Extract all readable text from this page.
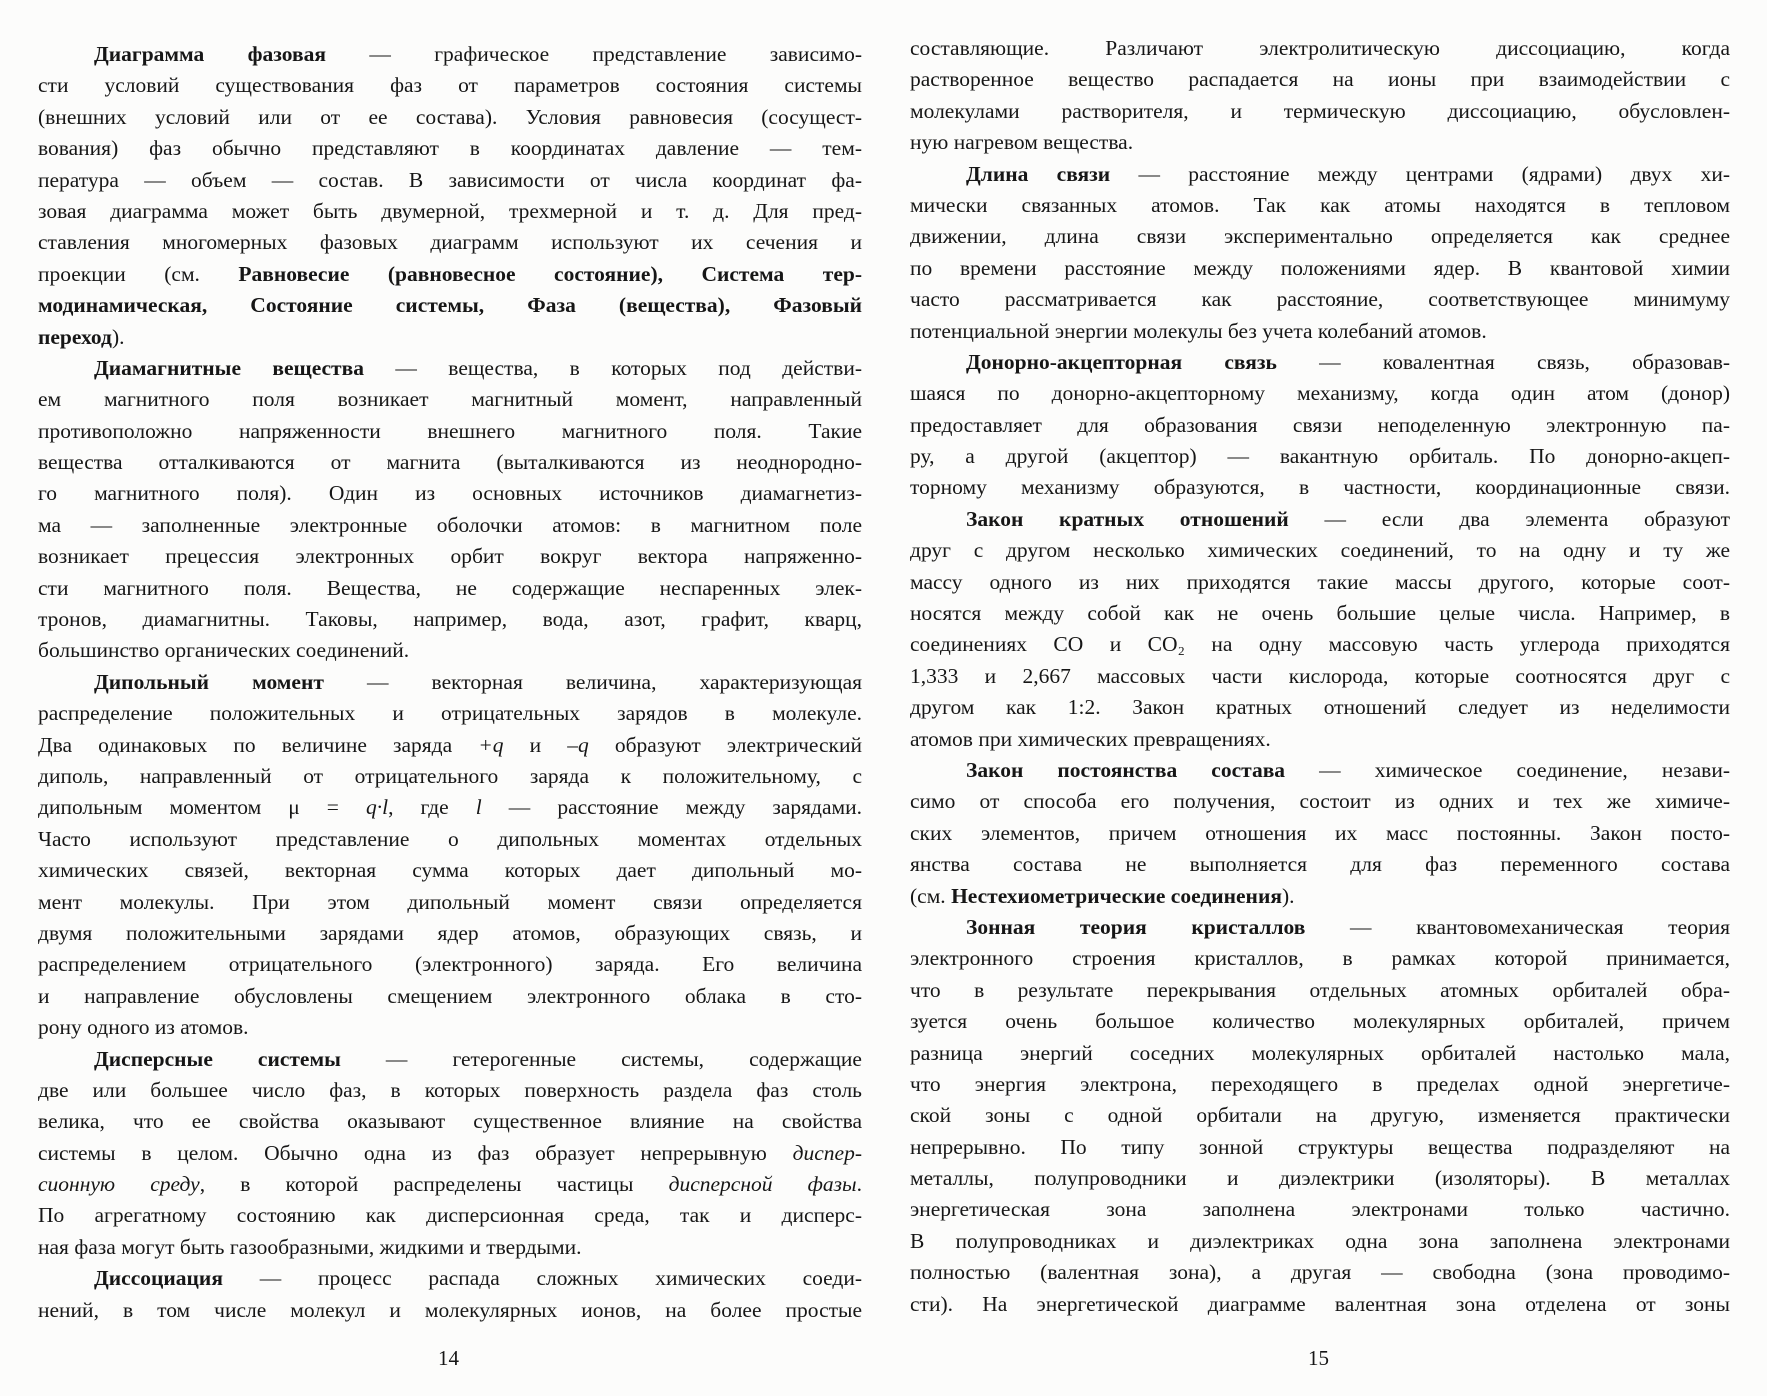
Диаграмма фазовая — графическое представление зависимо-
сти условий существования фаз от параметров состояния системы
(внешних условий или от ее состава). Условия равновесия (сосущест-
вования) фаз обычно представляют в координатах давление — тем-
пература — объем — состав. В зависимости от числа координат фа-
зовая диаграмма может быть двумерной, трехмерной и т. д. Для пред-
ставления многомерных фазовых диаграмм используют их сечения и
проекции (см. Равновесие (равновесное состояние), Система тер-
модинамическая, Состояние системы, Фаза (вещества), Фазовый
переход).
Диамагнитные вещества — вещества, в которых под действи-
ем магнитного поля возникает магнитный момент, направленный
противоположно напряженности внешнего магнитного поля. Такие
вещества отталкиваются от магнита (выталкиваются из неоднородно-
го магнитного поля). Один из основных источников диамагнетиз-
ма — заполненные электронные оболочки атомов: в магнитном поле
возникает прецессия электронных орбит вокруг вектора напряженно-
сти магнитного поля. Вещества, не содержащие неспаренных элек-
тронов, диамагнитны. Таковы, например, вода, азот, графит, кварц,
большинство органических соединений.
Дипольный момент — векторная величина, характеризующая
распределение положительных и отрицательных зарядов в молекуле.
Два одинаковых по величине заряда +q и –q образуют электрический
диполь, направленный от отрицательного заряда к положительному, с
дипольным моментом μ = q·l, где l — расстояние между зарядами.
Часто используют представление о дипольных моментах отдельных
химических связей, векторная сумма которых дает дипольный мо-
мент молекулы. При этом дипольный момент связи определяется
двумя положительными зарядами ядер атомов, образующих связь, и
распределением отрицательного (электронного) заряда. Его величина
и направление обусловлены смещением электронного облака в сто-
рону одного из атомов.
Дисперсные системы — гетерогенные системы, содержащие
две или большее число фаз, в которых поверхность раздела фаз столь
велика, что ее свойства оказывают существенное влияние на свойства
системы в целом. Обычно одна из фаз образует непрерывную диспер-
сионную среду, в которой распределены частицы дисперсной фазы.
По агрегатному состоянию как дисперсионная среда, так и дисперс-
ная фаза могут быть газообразными, жидкими и твердыми.
Диссоциация — процесс распада сложных химических соеди-
нений, в том числе молекул и молекулярных ионов, на более простые
14
составляющие. Различают электролитическую диссоциацию, когда
растворенное вещество распадается на ионы при взаимодействии с
молекулами растворителя, и термическую диссоциацию, обусловлен-
ную нагревом вещества.
Длина связи — расстояние между центрами (ядрами) двух хи-
мически связанных атомов. Так как атомы находятся в тепловом
движении, длина связи экспериментально определяется как среднее
по времени расстояние между положениями ядер. В квантовой химии
часто рассматривается как расстояние, соответствующее минимуму
потенциальной энергии молекулы без учета колебаний атомов.
Донорно-акцепторная связь — ковалентная связь, образовав-
шаяся по донорно-акцепторному механизму, когда один атом (донор)
предоставляет для образования связи неподеленную электронную па-
ру, а другой (акцептор) — вакантную орбиталь. По донорно-акцеп-
торному механизму образуются, в частности, координационные связи.
Закон кратных отношений — если два элемента образуют
друг с другом несколько химических соединений, то на одну и ту же
массу одного из них приходятся такие массы другого, которые соот-
носятся между собой как не очень большие целые числа. Например, в
соединениях CO и CO₂ на одну массовую часть углерода приходятся
1,333 и 2,667 массовых части кислорода, которые соотносятся друг с
другом как 1:2. Закон кратных отношений следует из неделимости
атомов при химических превращениях.
Закон постоянства состава — химическое соединение, незави-
симо от способа его получения, состоит из одних и тех же химиче-
ских элементов, причем отношения их масс постоянны. Закон посто-
янства состава не выполняется для фаз переменного состава
(см. Нестехиометрические соединения).
Зонная теория кристаллов — квантовомеханическая теория
электронного строения кристаллов, в рамках которой принимается,
что в результате перекрывания отдельных атомных орбиталей обра-
зуется очень большое количество молекулярных орбиталей, причем
разница энергий соседних молекулярных орбиталей настолько мала,
что энергия электрона, переходящего в пределах одной энергетиче-
ской зоны с одной орбитали на другую, изменяется практически
непрерывно. По типу зонной структуры вещества подразделяют на
металлы, полупроводники и диэлектрики (изоляторы). В металлах
энергетическая зона заполнена электронами только частично.
В полупроводниках и диэлектриках одна зона заполнена электронами
полностью (валентная зона), а другая — свободна (зона проводимо-
сти). На энергетической диаграмме валентная зона отделена от зоны
15
